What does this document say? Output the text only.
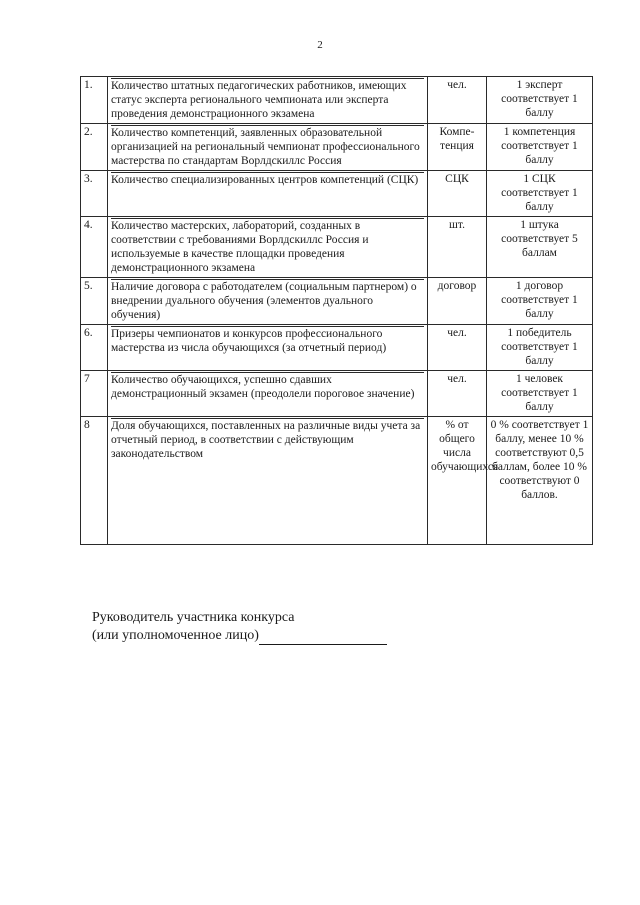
2
1.	Количество штатных педагогических работников, имеющих статус эксперта регионального чемпионата или эксперта проведения демонстрационного экзамена	чел.	1 эксперт соответствует 1 баллу
2.	Количество компетенций, заявленных образовательной организацией на региональный чемпионат профессионального мастерства по стандартам Ворлдскиллс Россия	Компе-тенция	1 компетенция соответствует 1 баллу
3.	Количество специализированных центров компетенций (СЦК)	СЦК	1 СЦК соответствует 1 баллу
4.	Количество мастерских, лабораторий, созданных в соответствии с требованиями Ворлдскиллс Россия и используемые в качестве площадки проведения демонстрационного экзамена	шт.	1 штука соответствует 5 баллам
5.	Наличие договора с работодателем (социальным партнером) о внедрении дуального обучения (элементов дуального обучения)	договор	1 договор соответствует 1 баллу
6.	Призеры чемпионатов и конкурсов профессионального мастерства из числа обучающихся (за отчетный период)	чел.	1 победитель соответствует 1 баллу
7	Количество обучающихся, успешно сдавших демонстрационный экзамен (преодолели пороговое значение)	чел.	1 человек соответствует 1 баллу
8	Доля обучающихся, поставленных на различные виды учета за отчетный период, в соответствии с действующим законодательством	% от общего числа обучающихся	0 % соответствует 1 баллу, менее 10 % соответствуют 0,5 баллам, более 10 % соответствуют 0 баллов.
Руководитель участника конкурса
(или уполномоченное лицо)
